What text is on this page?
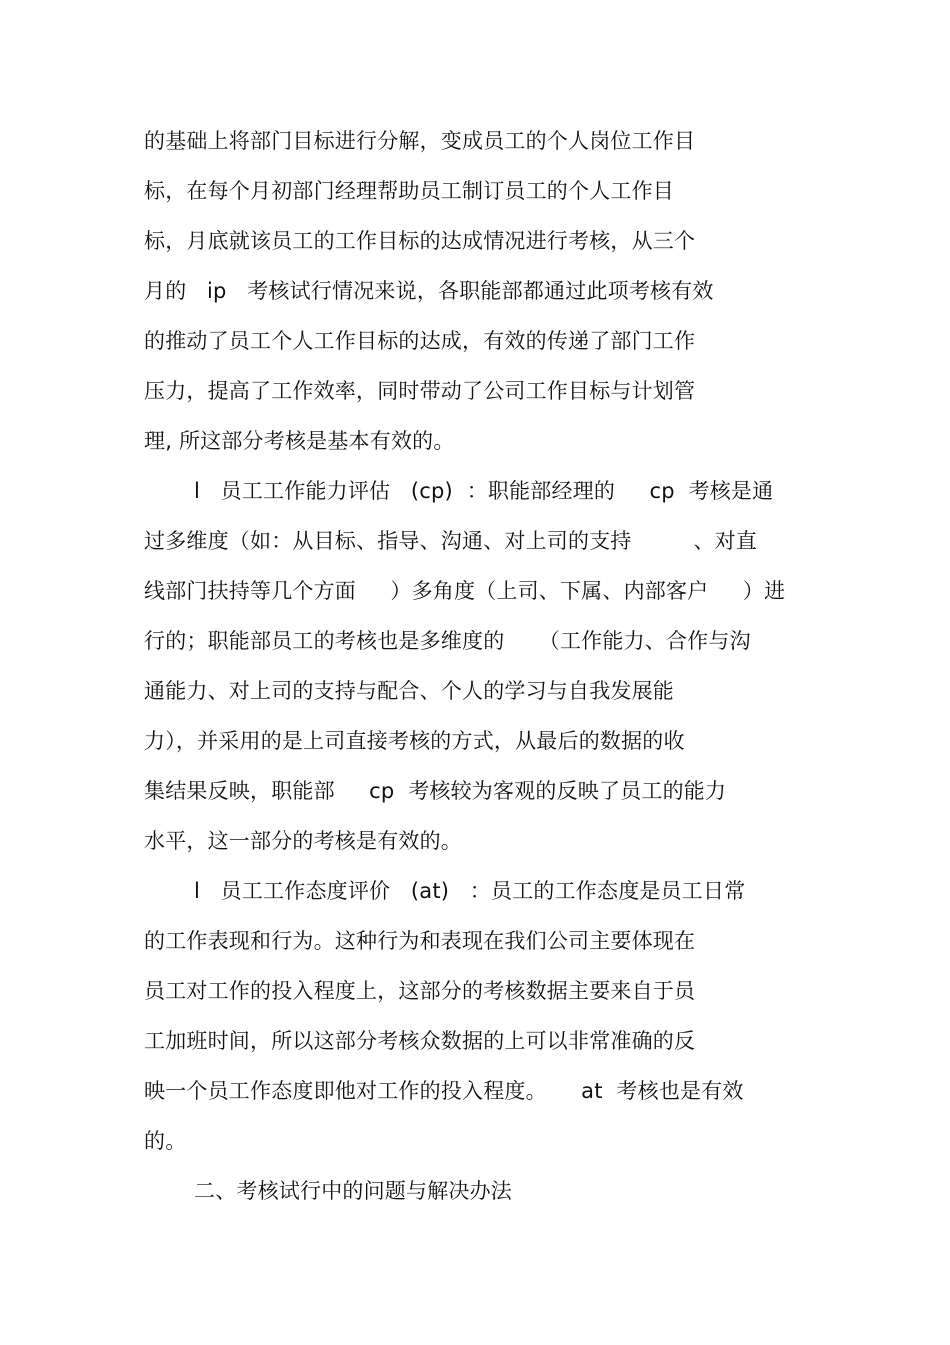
的基础上将部门目标进行分解，变成员工的个人岗位工作目
标，在每个月初部门经理帮助员工制订员工的个人工作目
标，月底就该员工的工作目标的达成情况进行考核，从三个
月的   ip   考核试行情况来说，各职能部都通过此项考核有效
的推动了员工个人工作目标的达成，有效的传递了部门工作
压力，提高了工作效率，同时带动了公司工作目标与计划管
理, 所这部分考核是基本有效的。
l   员工工作能力评估   (cp)  ：职能部经理的     cp  考核是通
过多维度（如：从目标、指导、沟通、对上司的支持         、对直
线部门扶持等几个方面     ）多角度（上司、下属、内部客户     ）进
行的；职能部员工的考核也是多维度的     （工作能力、合作与沟
通能力、对上司的支持与配合、个人的学习与自我发展能
力），并采用的是上司直接考核的方式，从最后的数据的收
集结果反映，职能部     cp  考核较为客观的反映了员工的能力
水平，这一部分的考核是有效的。
l   员工工作态度评价   (at)   ：员工的工作态度是员工日常
的工作表现和行为。这种行为和表现在我们公司主要体现在
员工对工作的投入程度上，这部分的考核数据主要来自于员
工加班时间，所以这部分考核众数据的上可以非常准确的反
映一个员工作态度即他对工作的投入程度。     at  考核也是有效
的。
二、考核试行中的问题与解决办法
